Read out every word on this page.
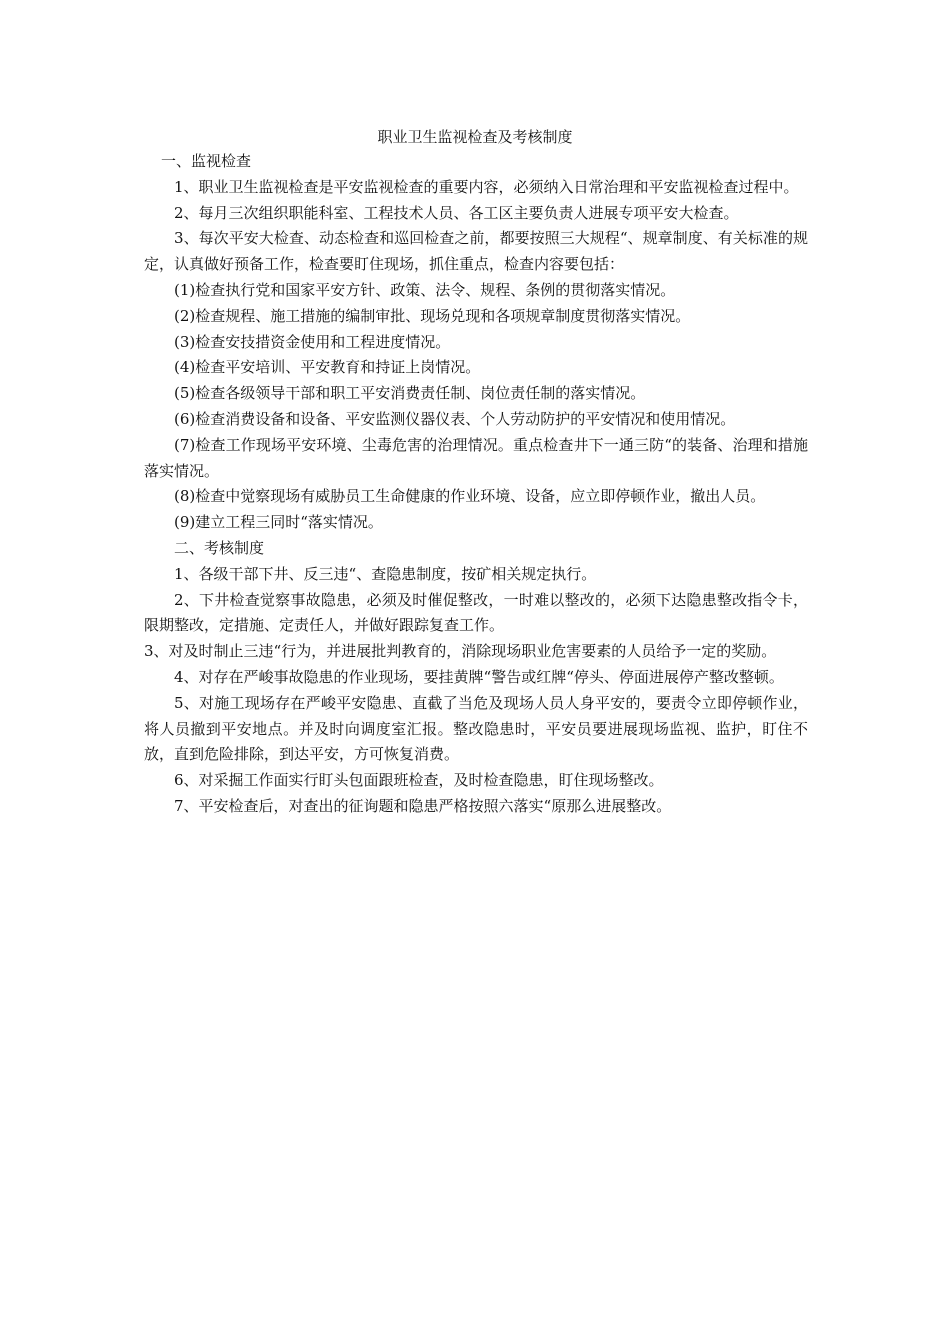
职业卫生监视检查及考核制度

一、监视检查

1、职业卫生监视检查是平安监视检查的重要内容，必须纳入日常治理和平安监视检查过程中。

2、每月三次组织职能科室、工程技术人员、各工区主要负责人进展专项平安大检查。

3、每次平安大检查、动态检查和巡回检查之前，都要按照三大规程“、规章制度、有关标准的规定，认真做好预备工作，检查要盯住现场，抓住重点，检查内容要包括：

(1)检查执行党和国家平安方针、政策、法令、规程、条例的贯彻落实情况。

(2)检查规程、施工措施的编制审批、现场兑现和各项规章制度贯彻落实情况。

(3)检查安技措资金使用和工程进度情况。

(4)检查平安培训、平安教育和持证上岗情况。

(5)检查各级领导干部和职工平安消费责任制、岗位责任制的落实情况。

(6)检查消费设备和设备、平安监测仪器仪表、个人劳动防护的平安情况和使用情况。

(7)检查工作现场平安环境、尘毒危害的治理情况。重点检查井下一通三防“的装备、治理和措施落实情况。

(8)检查中觉察现场有威胁员工生命健康的作业环境、设备，应立即停顿作业，撤出人员。

(9)建立工程三同时“落实情况。

二、考核制度

1、各级干部下井、反三违“、查隐患制度，按矿相关规定执行。

2、下井检查觉察事故隐患，必须及时催促整改，一时难以整改的，必须下达隐患整改指令卡，限期整改，定措施、定责任人，并做好跟踪复查工作。

3、对及时制止三违“行为，并进展批判教育的，消除现场职业危害要素的人员给予一定的奖励。

4、对存在严峻事故隐患的作业现场，要挂黄牌“警告或红牌“停头、停面进展停产整改整顿。

5、对施工现场存在严峻平安隐患、直截了当危及现场人员人身平安的，要责令立即停顿作业，将人员撤到平安地点。并及时向调度室汇报。整改隐患时，平安员要进展现场监视、监护，盯住不放，直到危险排除，到达平安，方可恢复消费。

6、对采掘工作面实行盯头包面跟班检查，及时检查隐患，盯住现场整改。

7、平安检查后，对查出的征询题和隐患严格按照六落实“原那么进展整改。
